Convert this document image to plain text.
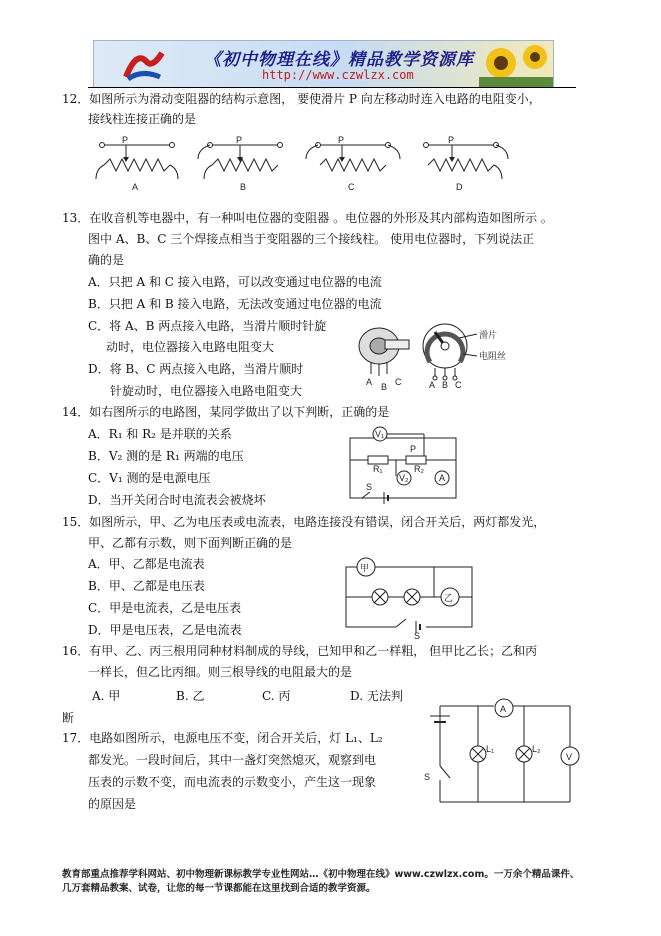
《初中物理在线》精品教学资源库
http://www.czwlzx.com
12．如图所示为滑动变阻器的结构示意图， 要使滑片 P 向左移动时连入电路的电阻变小，
接线柱连接正确的是
P
A
P
B
P
C
P
D
13．在收音机等电器中，有一种叫电位器的变阻器 。电位器的外形及其内部构造如图所示 。
图中 A、B、C 三个焊接点相当于变阻器的三个接线柱。 使用电位器时，下列说法正
确的是
A．只把 A 和 C 接入电路，可以改变通过电位器的电流
B．只把 A 和 B 接入电路，无法改变通过电位器的电流
C．将 A、B 两点接入电路，当滑片顺时针旋
动时，电位器接入电路电阻变大
D．将 B、C 两点接入电路，当滑片顺时
针旋动时，电位器接入电路电阻变大
A B C
滑片
电阻丝
A B C
14．如右图所示的电路图，某同学做出了以下判断，正确的是
A．R₁ 和 R₂ 是并联的关系
B．V₂ 测的是 R₁ 两端的电压
C．V₁ 测的是电源电压
D．当开关闭合时电流表会被烧坏
V₁
R₁	R₂
P
V₂	A
S
15．如图所示，甲、乙为电压表或电流表，电路连接没有错误，闭合开关后，两灯都发光，
甲、乙都有示数，则下面判断正确的是
A．甲、乙都是电流表
B．甲、乙都是电压表
C．甲是电流表，乙是电压表
D．甲是电压表，乙是电流表
甲
乙
S
16．有甲、乙、丙三根用同种材料制成的导线，已知甲和乙一样粗， 但甲比乙长；乙和丙
一样长，但乙比丙细。则三根导线的电阻最大的是
A. 甲	B. 乙	C. 丙	D. 无法判
断
17．电路如图所示，电源电压不变，闭合开关后，灯 L₁、L₂
都发光。一段时间后，其中一盏灯突然熄灭，观察到电
压表的示数不变，而电流表的示数变小，产生这一现象
的原因是
A
S
L₁	L₂
V
教育部重点推荐学科网站、初中物理新课标教学专业性网站…《初中物理在线》www.czwlzx.com。一万余个精品课件、
几万套精品教案、试卷，让您的每一节课都能在这里找到合适的教学资源。
